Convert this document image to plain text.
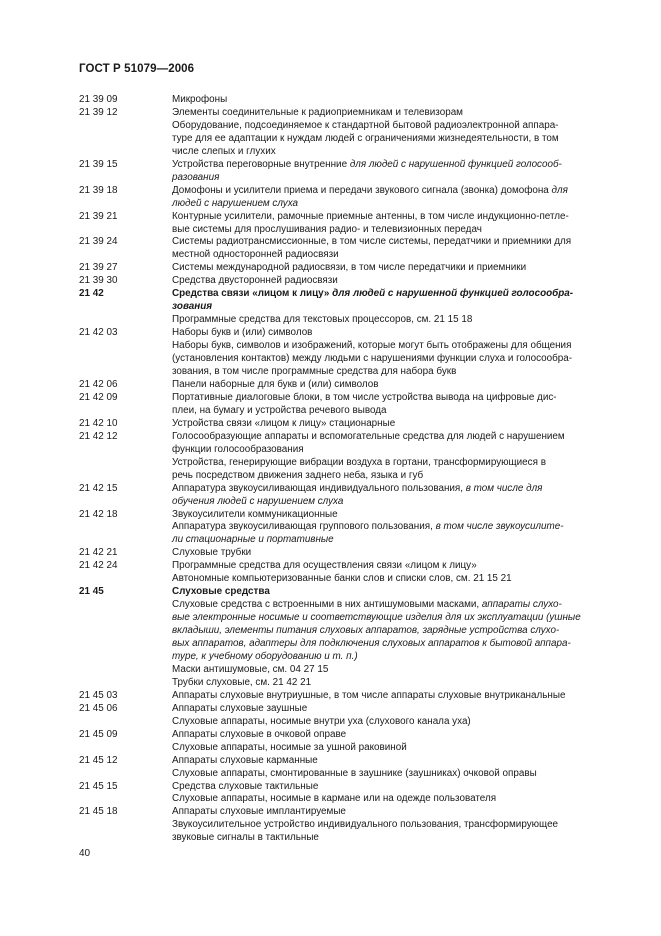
ГОСТ Р 51079—2006
21 39 09	Микрофоны
21 39 12	Элементы соединительные к радиоприемникам и телевизорам
Оборудование, подсоединяемое к стандартной бытовой радиоэлектронной аппара-
туре для ее адаптации к нуждам людей с ограничениями жизнедеятельности, в том
числе слепых и глухих
21 39 15	Устройства переговорные внутренние для людей с нарушенной функцией голосооб-
разования
21 39 18	Домофоны и усилители приема и передачи звукового сигнала (звонка) домофона для
людей с нарушением слуха
21 39 21	Контурные усилители, рамочные приемные антенны, в том числе индукционно-петле-
вые системы для прослушивания радио- и телевизионных передач
21 39 24	Системы радиотрансмиссионные, в том числе системы, передатчики и приемники для
местной односторонней радиосвязи
21 39 27	Системы международной радиосвязи, в том числе передатчики и приемники
21 39 30	Средства двусторонней радиосвязи
21 42	Средства связи «лицом к лицу» для людей с нарушенной функцией голосообра-
зования
Программные средства для текстовых процессоров, см. 21 15 18
21 42 03	Наборы букв и (или) символов
Наборы букв, символов и изображений, которые могут быть отображены для общения
(установления контактов) между людьми с нарушениями функции слуха и голосообра-
зования, в том числе программные средства для набора букв
21 42 06	Панели наборные для букв и (или) символов
21 42 09	Портативные диалоговые блоки, в том числе устройства вывода на цифровые дис-
плеи, на бумагу и устройства речевого вывода
21 42 10	Устройства связи «лицом к лицу» стационарные
21 42 12	Голосообразующие аппараты и вспомогательные средства для людей с нарушением
функции голосообразования
Устройства, генерирующие вибрации воздуха в гортани, трансформирующиеся в
речь посредством движения заднего неба, языка и губ
21 42 15	Аппаратура звукоусиливающая индивидуального пользования, в том числе для
обучения людей с нарушением слуха
21 42 18	Звукоусилители коммуникационные
Аппаратура звукоусиливающая группового пользования, в том числе звукоусилите-
ли стационарные и портативные
21 42 21	Слуховые трубки
21 42 24	Программные средства для осуществления связи «лицом к лицу»
Автономные компьютеризованные банки слов и списки слов, см. 21 15 21
21 45	Слуховые средства
Слуховые средства с встроенными в них антишумовыми масками, аппараты слухо-
вые электронные носимые и соответствующие изделия для их эксплуатации (ушные
вкладыши, элементы питания слуховых аппаратов, зарядные устройства слухо-
вых аппаратов, адаптеры для подключения слуховых аппаратов к бытовой аппара-
туре, к учебному оборудованию и т. п.)
Маски антишумовые, см. 04 27 15
Трубки слуховые, см. 21 42 21
21 45 03	Аппараты слуховые внутриушные, в том числе аппараты слуховые внутриканальные
21 45 06	Аппараты слуховые заушные
Слуховые аппараты, носимые внутри уха (слухового канала уха)
21 45 09	Аппараты слуховые в очковой оправе
Слуховые аппараты, носимые за ушной раковиной
21 45 12	Аппараты слуховые карманные
Слуховые аппараты, смонтированные в заушнике (заушниках) очковой оправы
21 45 15	Средства слуховые тактильные
Слуховые аппараты, носимые в кармане или на одежде пользователя
21 45 18	Аппараты слуховые имплантируемые
Звукоусилительное устройство индивидуального пользования, трансформирующее
звуковые сигналы в тактильные
40
